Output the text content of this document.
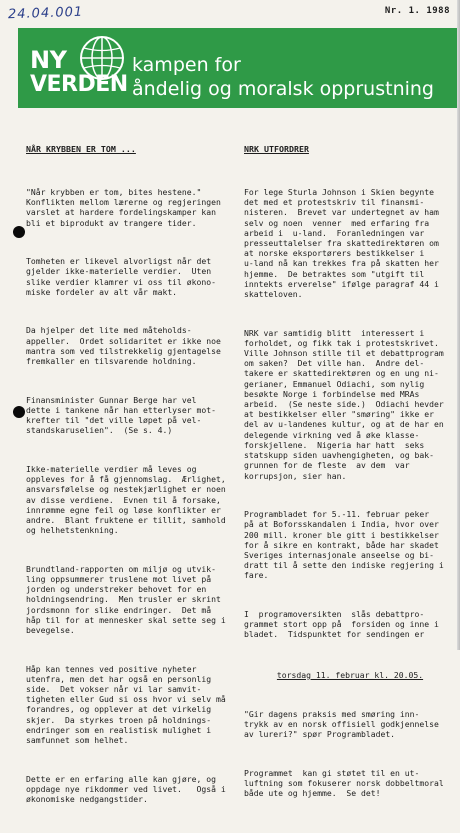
24.04.001	Nr. 1. 1988
NY
VERDEN
kampen for
åndelig og moralsk opprustning

NÅR KRYBBEN ER TOM ...

"Når krybben er tom, bites hestene."
Konflikten mellom lærerne og regjeringen
varslet at hardere fordelingskamper kan
bli et biprodukt av trangere tider.

Tomheten er likevel alvorligst når det
gjelder ikke-materielle verdier.  Uten
slike verdier klamrer vi oss til økono-
miske fordeler av alt vår makt.

Da hjelper det lite med måteholds-
appeller.  Ordet solidaritet er ikke noe
mantra som ved tilstrekkelig gjentagelse
fremkaller en tilsvarende holdning.

Finansminister Gunnar Berge har vel
dette i tankene når han etterlyser mot-
krefter til "det ville løpet på vel-
standskaruselien".  (Se s. 4.)

Ikke-materielle verdier må leves og
oppleves for å få gjennomslag.  Ærlighet,
ansvarsfølelse og nestekjærlighet er noen
av disse verdiene.  Evnen til å forsake,
innrømme egne feil og løse konflikter er
andre.  Blant fruktene er tillit, samhold
og helhetstenkning.

Brundtland-rapporten om miljø og utvik-
ling oppsummerer truslene mot livet på
jorden og understreker behovet for en
holdningsendring.  Men trusler er skrint
jordsmonn for slike endringer.  Det må
håp til for at mennesker skal sette seg i
bevegelse.

Håp kan tennes ved positive nyheter
utenfra, men det har også en personlig
side.  Det vokser når vi lar samvit-
tigheten eller Gud si oss hvor vi selv må
forandres, og opplever at det virkelig
skjer.  Da styrkes troen på holdnings-
endringer som en realistisk mulighet i
samfunnet som helhet.

Dette er en erfaring alle kan gjøre, og
oppdage nye rikdommer ved livet.   Også i
økonomiske nedgangstider.

NRK UTFORDRER

For lege Sturla Johnson i Skien begynte
det med et protestskriv til finansmi-
nisteren.  Brevet var undertegnet av ham
selv og noen  venner  med erfaring fra
arbeid i  u-land.  Foranledningen var
presseuttalelser fra skattedirektøren om
at norske eksportørers bestikkelser i
u-land nå kan trekkes fra på skatten her
hjemme.  De betraktes som "utgift til
inntekts erverelse" ifølge paragraf 44 i
skatteloven.

NRK var samtidig blitt  interessert i
forholdet, og fikk tak i protestskrivet.
Ville Johnson stille til et debattprogram
om saken?  Det ville han.  Andre del-
takere er skattedirektøren og en ung ni-
gerianer, Emmanuel Odiachi, som nylig
besøkte Norge i forbindelse med MRAs
arbeid.  (Se neste side.)  Odiachi hevder
at bestikkelser eller "smøring" ikke er
del av u-landenes kultur, og at de har en
delegende virkning ved å øke klasse-
forskjellene.  Nigeria har hatt  seks
statskupp siden uavhengigheten, og bak-
grunnen for de fleste  av dem  var
korrupsjon, sier han.

Programbladet for 5.-11. februar peker
på at Boforsskandalen i India, hvor over
200 mill. kroner ble gitt i bestikkelser
for å sikre en kontrakt, både har skadet
Sveriges internasjonale anseelse og bi-
dratt til å sette den indiske regjering i
fare.

I  programoversikten  slås debattpro-
grammet stort opp på  forsiden og inne i
bladet.  Tidspunktet for sendingen er

torsdag 11. februar kl. 20.05.

"Gir dagens praksis med smøring inn-
trykk av en norsk offisiell godkjennelse
av lureri?" spør Programbladet.

Programmet  kan gi støtet til en ut-
luftning som fokuserer norsk dobbeltmoral
både ute og hjemme.  Se det!
